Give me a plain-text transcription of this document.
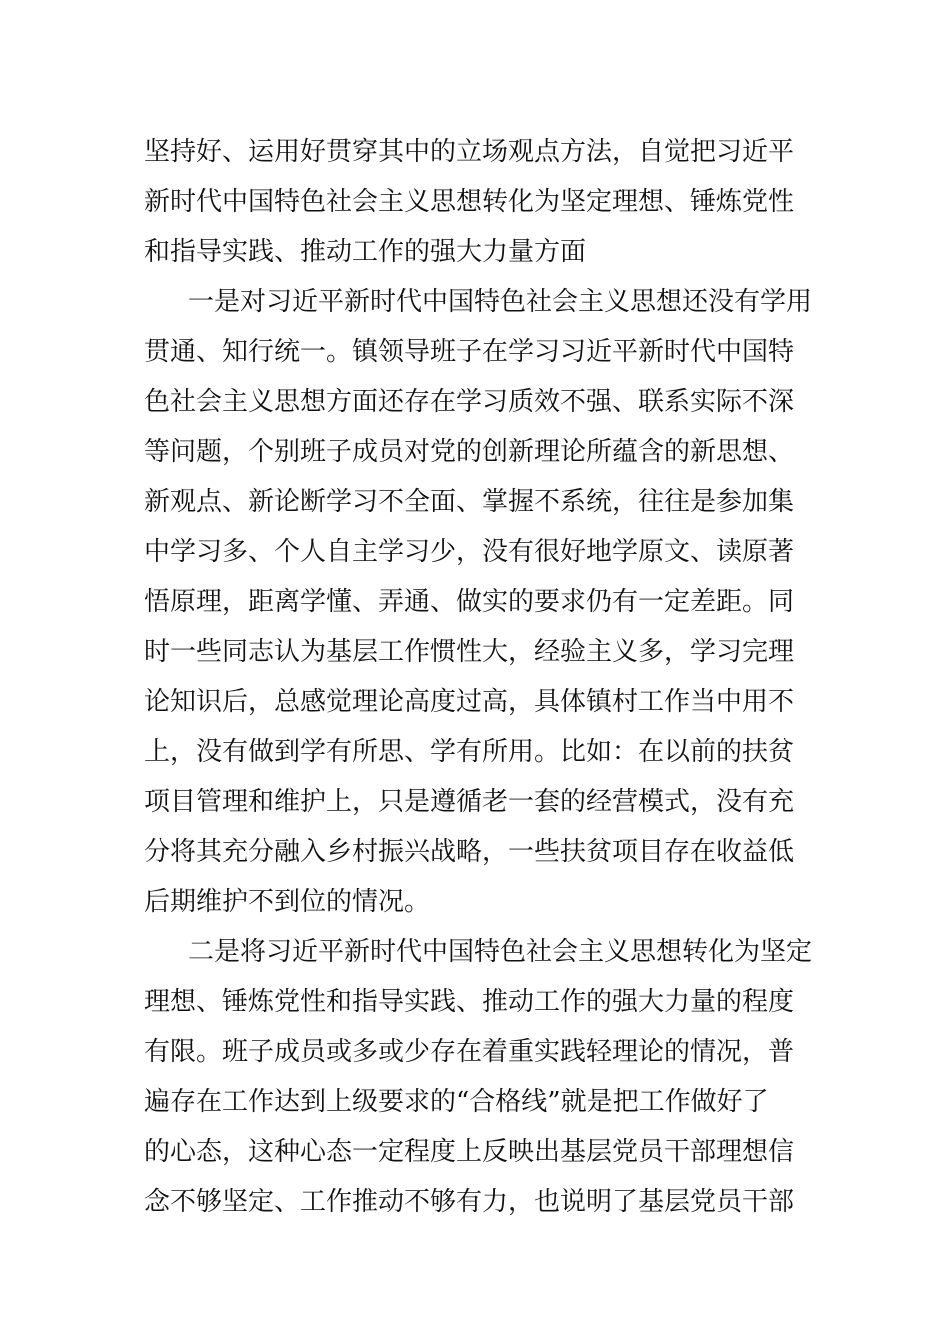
坚持好、运用好贯穿其中的立场观点方法，自觉把习近平
新时代中国特色社会主义思想转化为坚定理想、锤炼党性
和指导实践、推动工作的强大力量方面
一是对习近平新时代中国特色社会主义思想还没有学用
贯通、知行统一。镇领导班子在学习习近平新时代中国特
色社会主义思想方面还存在学习质效不强、联系实际不深
等问题，个别班子成员对党的创新理论所蕴含的新思想、
新观点、新论断学习不全面、掌握不系统，往往是参加集
中学习多、个人自主学习少，没有很好地学原文、读原著
悟原理，距离学懂、弄通、做实的要求仍有一定差距。同
时一些同志认为基层工作惯性大，经验主义多，学习完理
论知识后，总感觉理论高度过高，具体镇村工作当中用不
上，没有做到学有所思、学有所用。比如：在以前的扶贫
项目管理和维护上，只是遵循老一套的经营模式，没有充
分将其充分融入乡村振兴战略，一些扶贫项目存在收益低
后期维护不到位的情况。
二是将习近平新时代中国特色社会主义思想转化为坚定
理想、锤炼党性和指导实践、推动工作的强大力量的程度
有限。班子成员或多或少存在着重实践轻理论的情况，普
遍存在工作达到上级要求的“合格线”就是把工作做好了
的心态，这种心态一定程度上反映出基层党员干部理想信
念不够坚定、工作推动不够有力，也说明了基层党员干部
